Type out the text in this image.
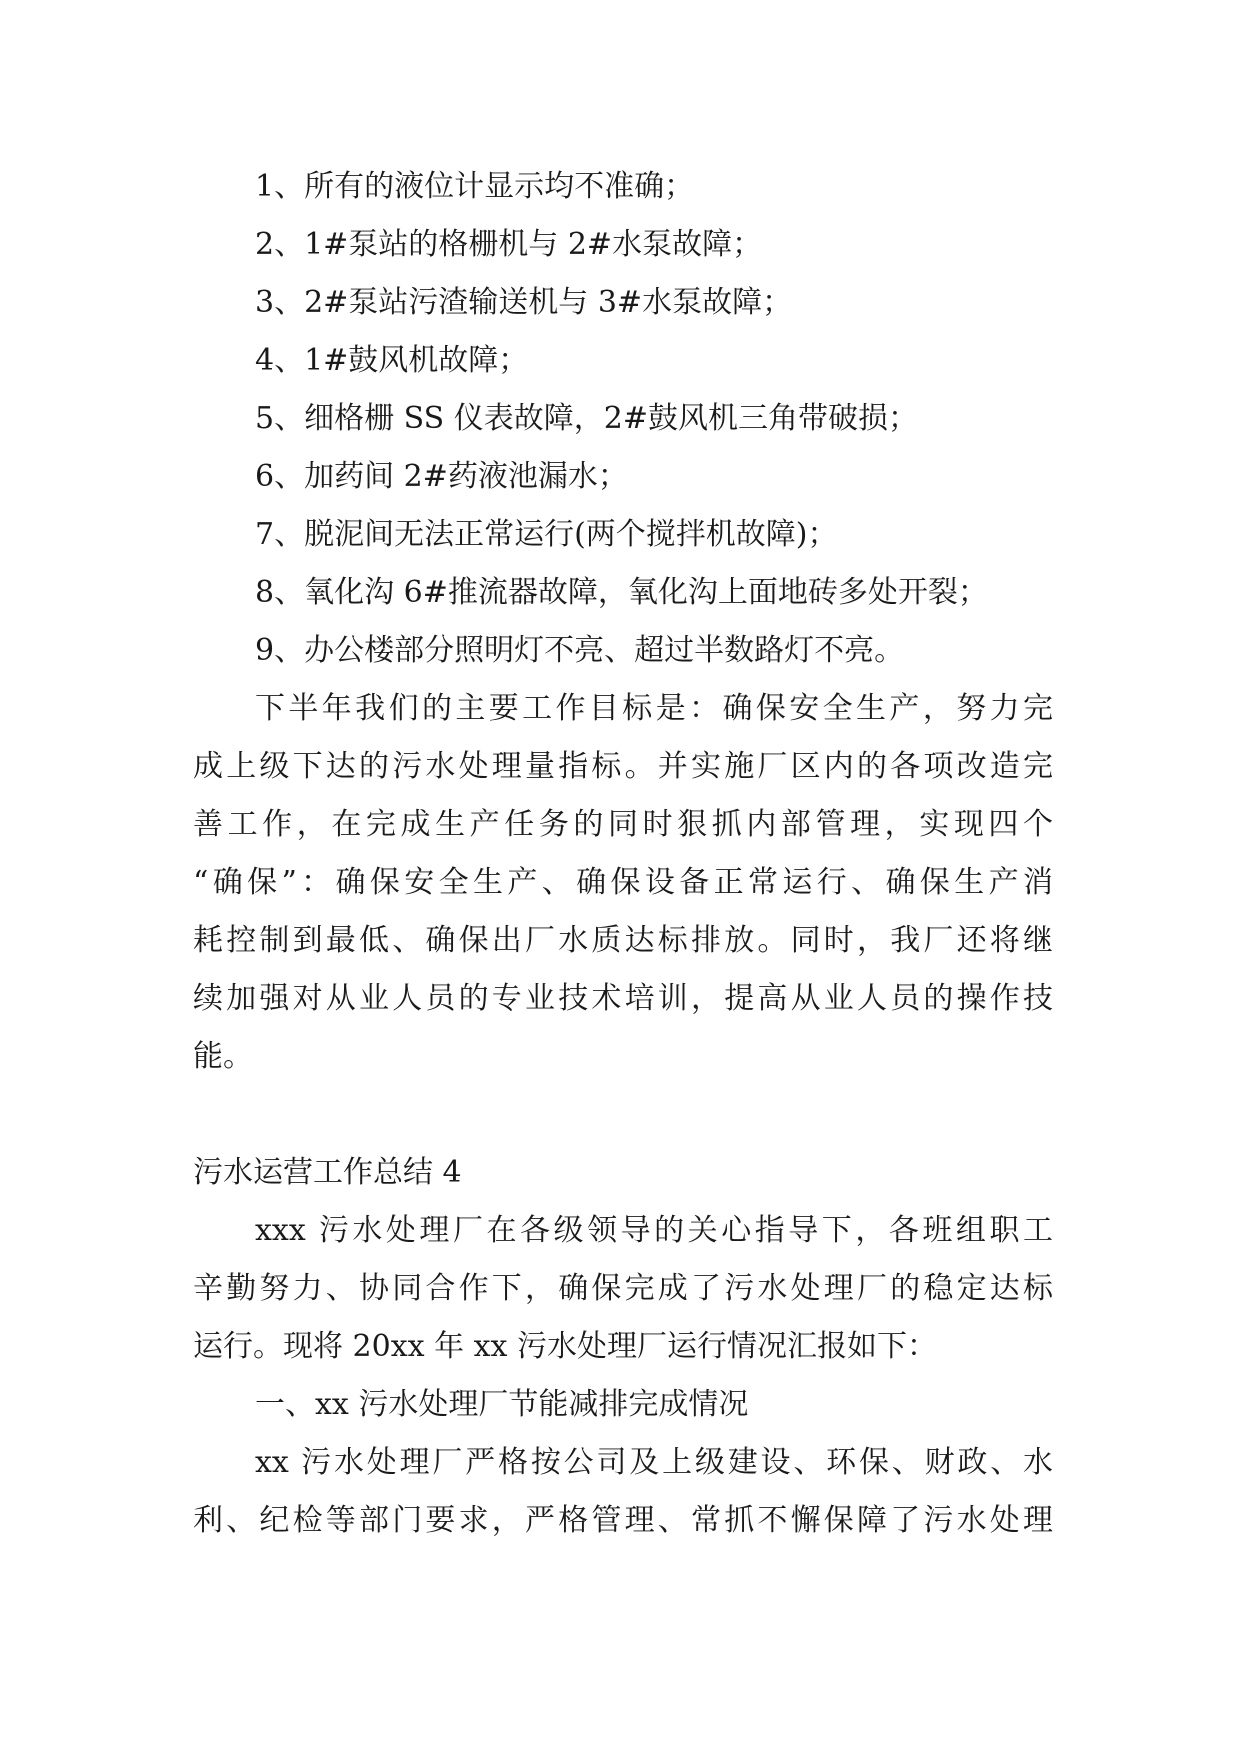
1、所有的液位计显示均不准确；
2、1#泵站的格栅机与 2#水泵故障；
3、2#泵站污渣输送机与 3#水泵故障；
4、1#鼓风机故障；
5、细格栅 SS 仪表故障，2#鼓风机三角带破损；
6、加药间 2#药液池漏水；
7、脱泥间无法正常运行(两个搅拌机故障)；
8、氧化沟 6#推流器故障，氧化沟上面地砖多处开裂；
9、办公楼部分照明灯不亮、超过半数路灯不亮。
下半年我们的主要工作目标是：确保安全生产，努力完
成上级下达的污水处理量指标。并实施厂区内的各项改造完
善工作，在完成生产任务的同时狠抓内部管理，实现四个
“确保”：确保安全生产、确保设备正常运行、确保生产消
耗控制到最低、确保出厂水质达标排放。同时，我厂还将继
续加强对从业人员的专业技术培训，提高从业人员的操作技
能。
污水运营工作总结 4
xxx 污水处理厂在各级领导的关心指导下，各班组职工
辛勤努力、协同合作下，确保完成了污水处理厂的稳定达标
运行。现将 20xx 年 xx 污水处理厂运行情况汇报如下：
一、xx 污水处理厂节能减排完成情况
xx 污水处理厂严格按公司及上级建设、环保、财政、水
利、纪检等部门要求，严格管理、常抓不懈保障了污水处理
